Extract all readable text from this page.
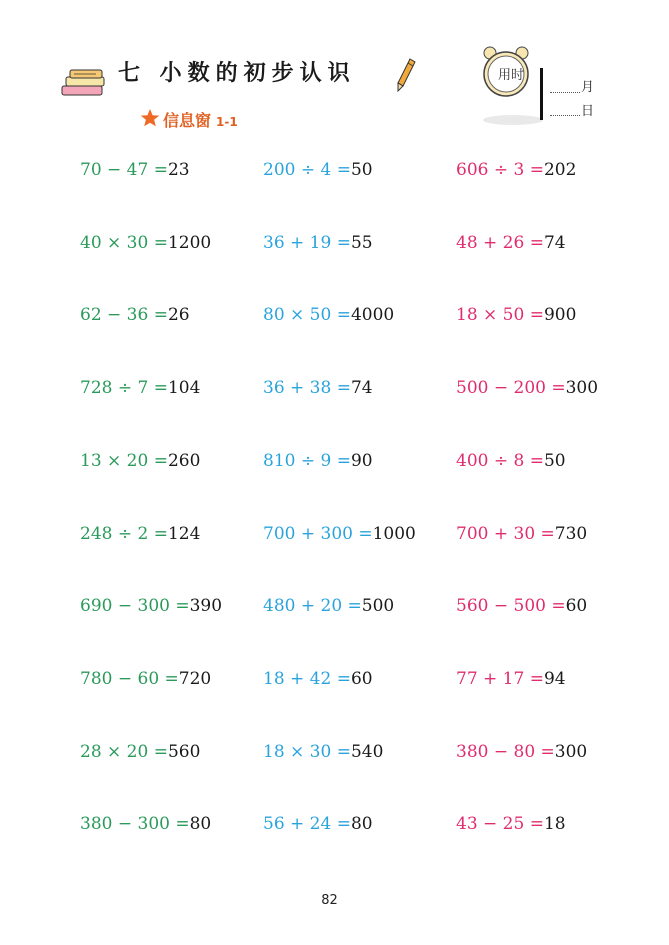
七 小数的初步认识	用时
月
日
信息窗 1-1
70 − 47 =23	200 ÷ 4 =50	606 ÷ 3 =202
40 × 30 =1200	36 + 19 =55	48 + 26 =74
62 − 36 =26	80 × 50 =4000	18 × 50 =900
728 ÷ 7 =104	36 + 38 =74	500 − 200 =300
13 × 20 =260	810 ÷ 9 =90	400 ÷ 8 =50
248 ÷ 2 =124	700 + 300 =1000 700 + 30 =730
690 − 300 =390 480 + 20 =500	560 − 500 =60
780 − 60 =720	18 + 42 =60	77 + 17 =94
28 × 20 =560	18 × 30 =540	380 − 80 =300
380 − 300 =80	56 + 24 =80	43 − 25 =18
82
